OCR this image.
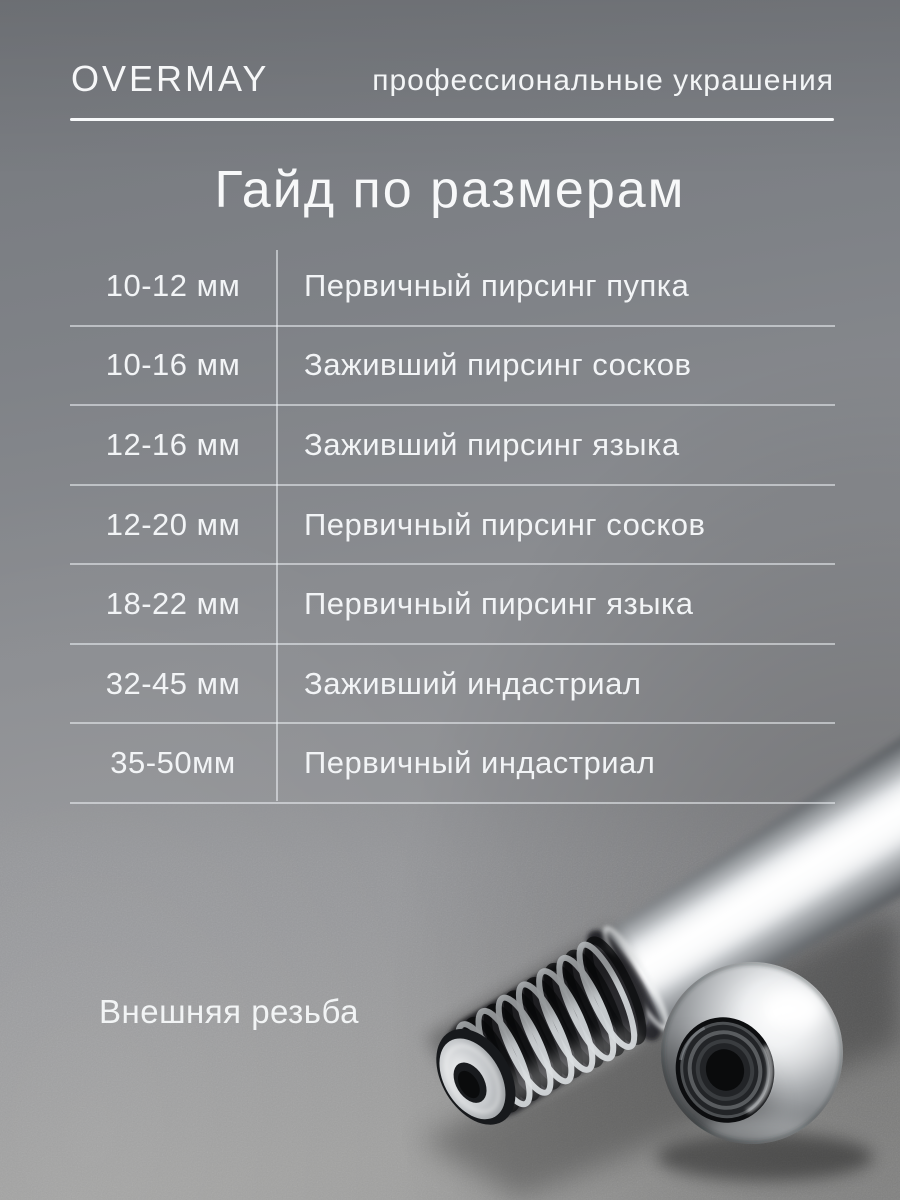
OVERMAY	профессиональные украшения
Гайд по размерам
10-12 мм	Первичный пирсинг пупка
10-16 мм	Заживший пирсинг сосков
12-16 мм	Заживший пирсинг языка
12-20 мм	Первичный пирсинг сосков
18-22 мм	Первичный пирсинг языка
32-45 мм	Заживший индастриал
35-50мм	Первичный индастриал
Внешняя резьба
